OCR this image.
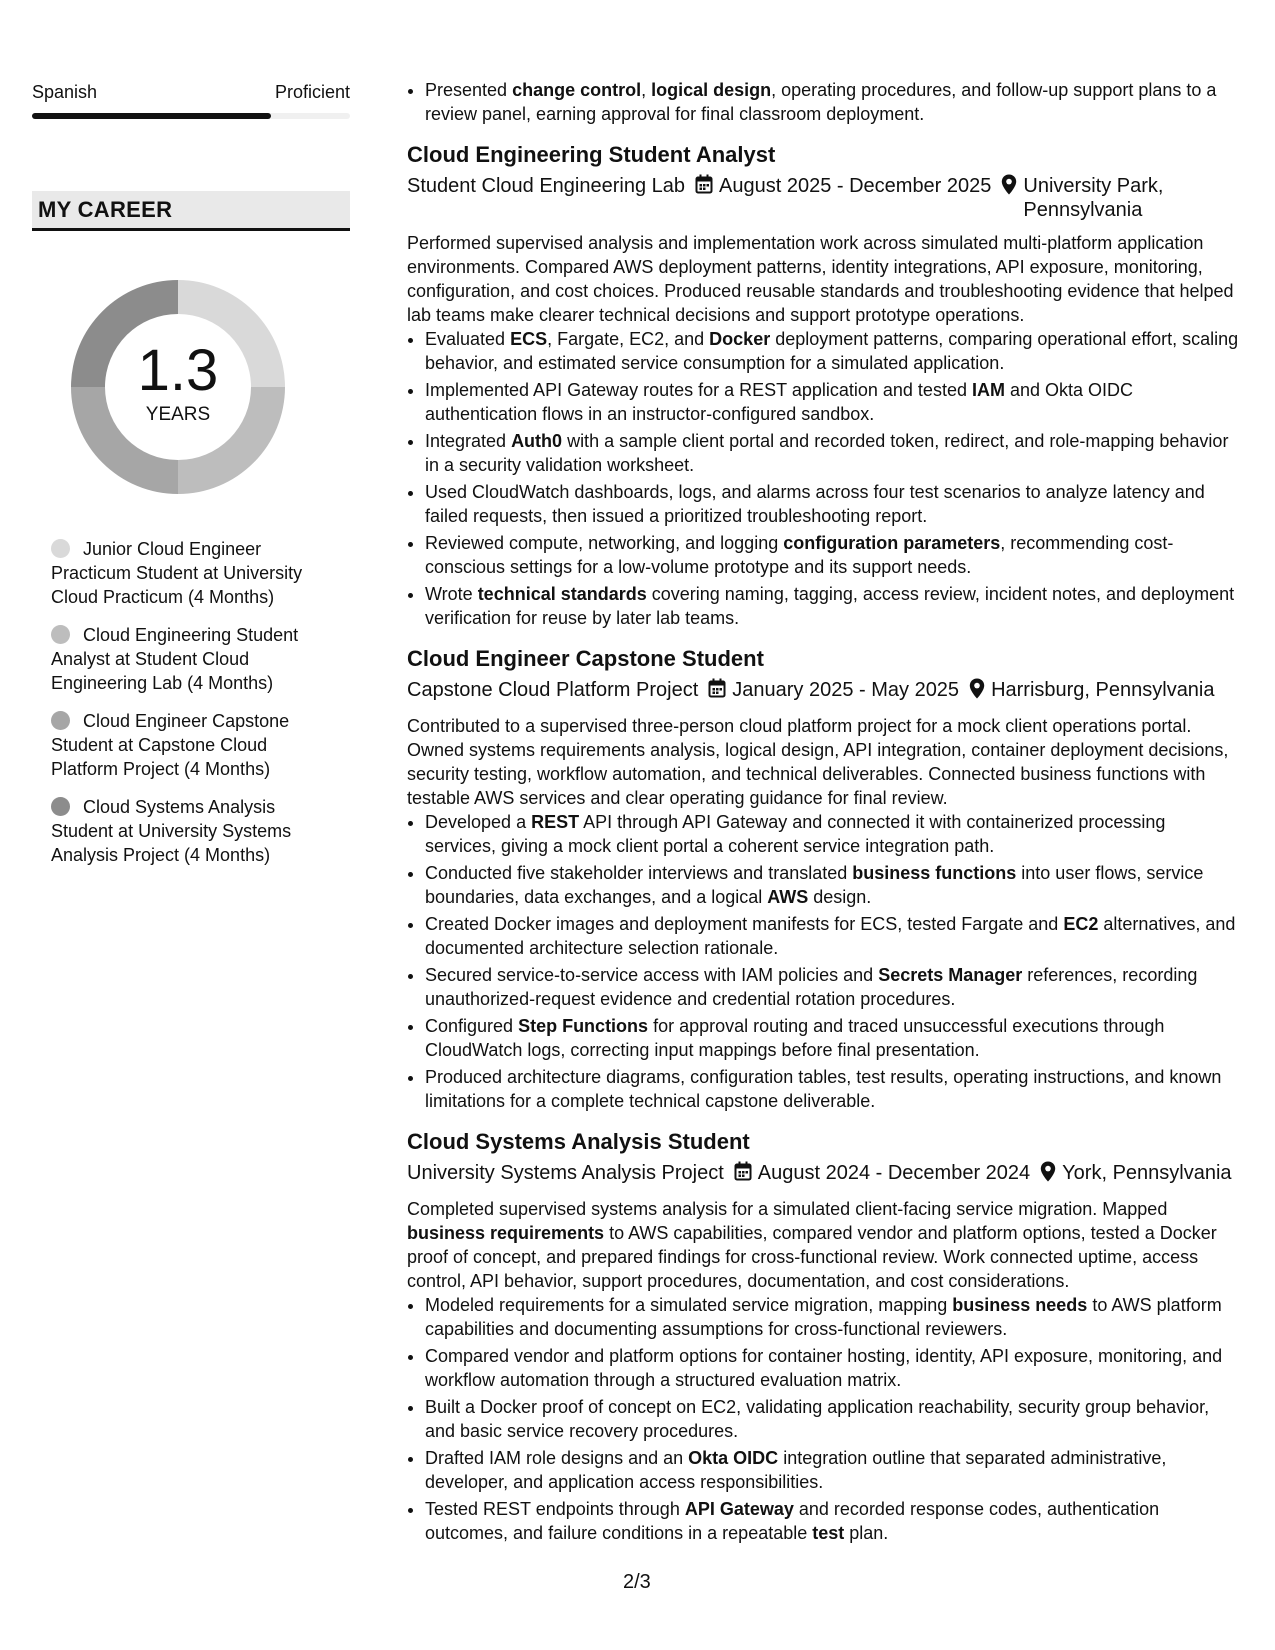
Spanish	Proficient
MY CAREER
1.3
YEARS
Junior Cloud Engineer Practicum Student at University Cloud Practicum (4 Months)
Cloud Engineering Student Analyst at Student Cloud Engineering Lab (4 Months)
Cloud Engineer Capstone Student at Capstone Cloud Platform Project (4 Months)
Cloud Systems Analysis Student at University Systems Analysis Project (4 Months)
• Presented change control, logical design, operating procedures, and follow-up support plans to a review panel, earning approval for final classroom deployment.
Cloud Engineering Student Analyst
Student Cloud Engineering Lab August 2025 - December 2025 University Park, Pennsylvania
Performed supervised analysis and implementation work across simulated multi-platform application environments. Compared AWS deployment patterns, identity integrations, API exposure, monitoring, configuration, and cost choices. Produced reusable standards and troubleshooting evidence that helped lab teams make clearer technical decisions and support prototype operations.
• Evaluated ECS, Fargate, EC2, and Docker deployment patterns, comparing operational effort, scaling behavior, and estimated service consumption for a simulated application.
• Implemented API Gateway routes for a REST application and tested IAM and Okta OIDC authentication flows in an instructor-configured sandbox.
• Integrated Auth0 with a sample client portal and recorded token, redirect, and role-mapping behavior in a security validation worksheet.
• Used CloudWatch dashboards, logs, and alarms across four test scenarios to analyze latency and failed requests, then issued a prioritized troubleshooting report.
• Reviewed compute, networking, and logging configuration parameters, recommending cost-conscious settings for a low-volume prototype and its support needs.
• Wrote technical standards covering naming, tagging, access review, incident notes, and deployment verification for reuse by later lab teams.
Cloud Engineer Capstone Student
Capstone Cloud Platform Project January 2025 - May 2025 Harrisburg, Pennsylvania
Contributed to a supervised three-person cloud platform project for a mock client operations portal. Owned systems requirements analysis, logical design, API integration, container deployment decisions, security testing, workflow automation, and technical deliverables. Connected business functions with testable AWS services and clear operating guidance for final review.
• Developed a REST API through API Gateway and connected it with containerized processing services, giving a mock client portal a coherent service integration path.
• Conducted five stakeholder interviews and translated business functions into user flows, service boundaries, data exchanges, and a logical AWS design.
• Created Docker images and deployment manifests for ECS, tested Fargate and EC2 alternatives, and documented architecture selection rationale.
• Secured service-to-service access with IAM policies and Secrets Manager references, recording unauthorized-request evidence and credential rotation procedures.
• Configured Step Functions for approval routing and traced unsuccessful executions through CloudWatch logs, correcting input mappings before final presentation.
• Produced architecture diagrams, configuration tables, test results, operating instructions, and known limitations for a complete technical capstone deliverable.
Cloud Systems Analysis Student
University Systems Analysis Project August 2024 - December 2024 York, Pennsylvania
Completed supervised systems analysis for a simulated client-facing service migration. Mapped business requirements to AWS capabilities, compared vendor and platform options, tested a Docker proof of concept, and prepared findings for cross-functional review. Work connected uptime, access control, API behavior, support procedures, documentation, and cost considerations.
• Modeled requirements for a simulated service migration, mapping business needs to AWS platform capabilities and documenting assumptions for cross-functional reviewers.
• Compared vendor and platform options for container hosting, identity, API exposure, monitoring, and workflow automation through a structured evaluation matrix.
• Built a Docker proof of concept on EC2, validating application reachability, security group behavior, and basic service recovery procedures.
• Drafted IAM role designs and an Okta OIDC integration outline that separated administrative, developer, and application access responsibilities.
• Tested REST endpoints through API Gateway and recorded response codes, authentication outcomes, and failure conditions in a repeatable test plan.
2/3
